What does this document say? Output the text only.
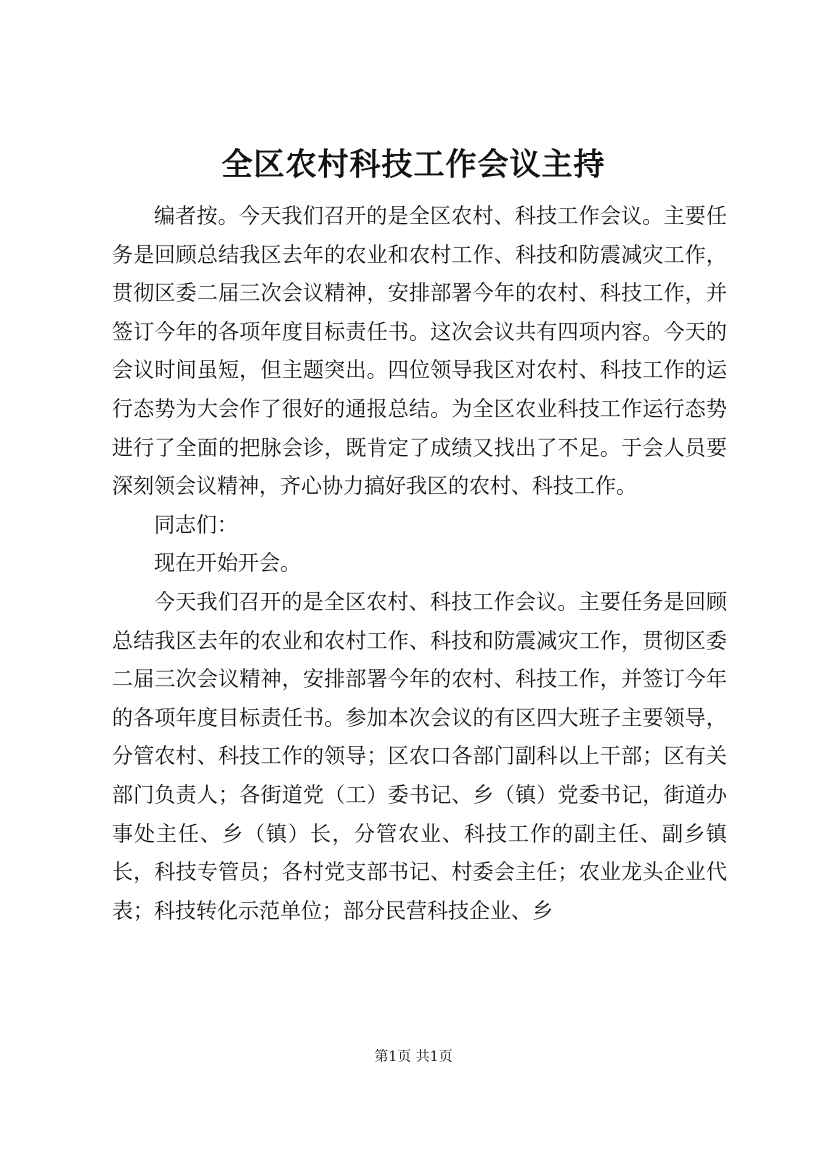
全区农村科技工作会议主持

编者按。今天我们召开的是全区农村、科技工作会议。主要任务是回顾总结我区去年的农业和农村工作、科技和防震减灾工作，贯彻区委二届三次会议精神，安排部署今年的农村、科技工作，并签订今年的各项年度目标责任书。这次会议共有四项内容。今天的会议时间虽短，但主题突出。四位领导我区对农村、科技工作的运行态势为大会作了很好的通报总结。为全区农业科技工作运行态势进行了全面的把脉会诊，既肯定了成绩又找出了不足。于会人员要深刻领会议精神，齐心协力搞好我区的农村、科技工作。

同志们：

现在开始开会。

今天我们召开的是全区农村、科技工作会议。主要任务是回顾总结我区去年的农业和农村工作、科技和防震减灾工作，贯彻区委二届三次会议精神，安排部署今年的农村、科技工作，并签订今年的各项年度目标责任书。参加本次会议的有区四大班子主要领导，分管农村、科技工作的领导；区农口各部门副科以上干部；区有关部门负责人；各街道党（工）委书记、乡（镇）党委书记，街道办事处主任、乡（镇）长，分管农业、科技工作的副主任、副乡镇长，科技专管员；各村党支部书记、村委会主任；农业龙头企业代表；科技转化示范单位；部分民营科技企业、乡

第1页 共1页
